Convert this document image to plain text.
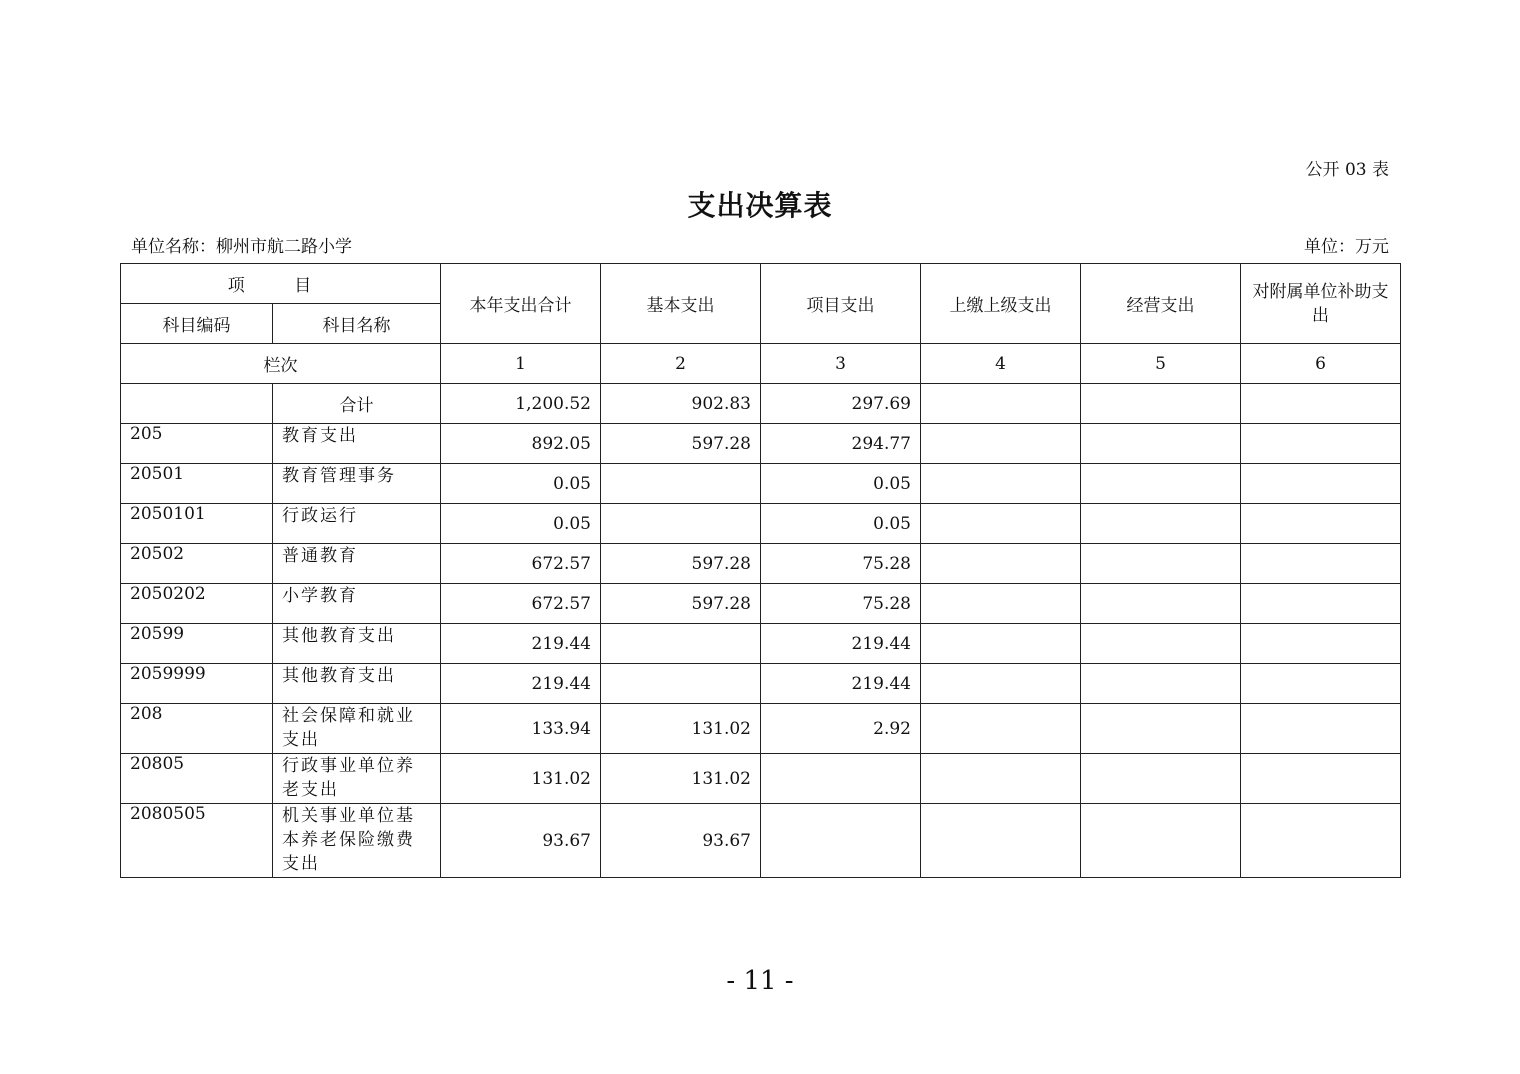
公开 03 表
支出决算表
单位名称：柳州市航二路小学	单位：万元
项 目		本年支出合计	基本支出	项目支出	上缴上级支出	经营支出	对附属单位补助支出
科目编码	科目名称						
栏次		1	2	3	4	5	6
	合计	1,200.52	902.83	297.69			
205	教育支出	892.05	597.28	294.77			
20501	教育管理事务	0.05		0.05			
2050101	行政运行	0.05		0.05			
20502	普通教育	672.57	597.28	75.28			
2050202	小学教育	672.57	597.28	75.28			
20599	其他教育支出	219.44		219.44			
2059999	其他教育支出	219.44		219.44			
208	社会保障和就业支出	133.94	131.02	2.92			
20805	行政事业单位养老支出	131.02	131.02				
2080505	机关事业单位基本养老保险缴费支出	93.67	93.67				
- 11 -
